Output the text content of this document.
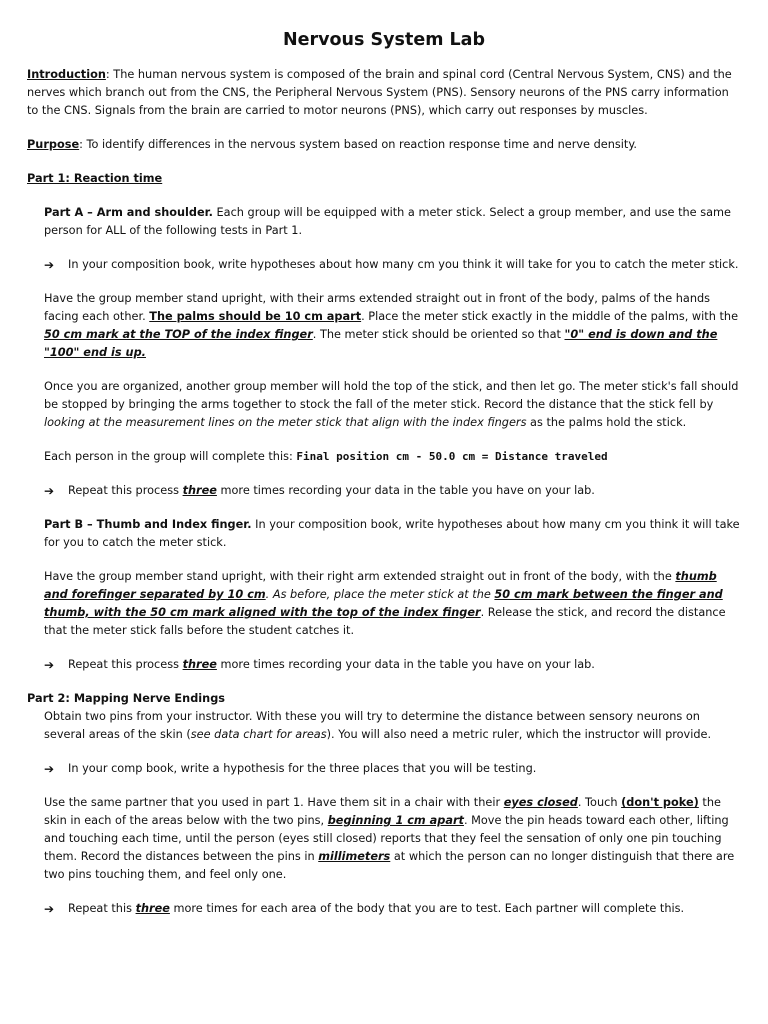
Nervous System Lab

Introduction: The human nervous system is composed of the brain and spinal cord (Central Nervous System, CNS) and the nerves which branch out from the CNS, the Peripheral Nervous System (PNS). Sensory neurons of the PNS carry information to the CNS. Signals from the brain are carried to motor neurons (PNS), which carry out responses by muscles.

Purpose: To identify differences in the nervous system based on reaction response time and nerve density.

Part 1: Reaction time

Part A – Arm and shoulder. Each group will be equipped with a meter stick. Select a group member, and use the same person for ALL of the following tests in Part 1.

➔	In your composition book, write hypotheses about how many cm you think it will take for you to catch the meter stick.

Have the group member stand upright, with their arms extended straight out in front of the body, palms of the hands facing each other. The palms should be 10 cm apart. Place the meter stick exactly in the middle of the palms, with the 50 cm mark at the TOP of the index finger. The meter stick should be oriented so that "0" end is down and the "100" end is up.

Once you are organized, another group member will hold the top of the stick, and then let go. The meter stick's fall should be stopped by bringing the arms together to stock the fall of the meter stick. Record the distance that the stick fell by looking at the measurement lines on the meter stick that align with the index fingers as the palms hold the stick.

Each person in the group will complete this: Final position cm - 50.0 cm = Distance traveled

➔	Repeat this process three more times recording your data in the table you have on your lab.

Part B – Thumb and Index finger. In your composition book, write hypotheses about how many cm you think it will take for you to catch the meter stick.

Have the group member stand upright, with their right arm extended straight out in front of the body, with the thumb and forefinger separated by 10 cm. As before, place the meter stick at the 50 cm mark between the finger and thumb, with the 50 cm mark aligned with the top of the index finger. Release the stick, and record the distance that the meter stick falls before the student catches it.

➔	Repeat this process three more times recording your data in the table you have on your lab.

Part 2: Mapping Nerve Endings

Obtain two pins from your instructor. With these you will try to determine the distance between sensory neurons on several areas of the skin (see data chart for areas). You will also need a metric ruler, which the instructor will provide.

➔	In your comp book, write a hypothesis for the three places that you will be testing.

Use the same partner that you used in part 1. Have them sit in a chair with their eyes closed. Touch (don't poke) the skin in each of the areas below with the two pins, beginning 1 cm apart. Move the pin heads toward each other, lifting and touching each time, until the person (eyes still closed) reports that they feel the sensation of only one pin touching them. Record the distances between the pins in millimeters at which the person can no longer distinguish that there are two pins touching them, and feel only one.

➔	Repeat this three more times for each area of the body that you are to test. Each partner will complete this.
